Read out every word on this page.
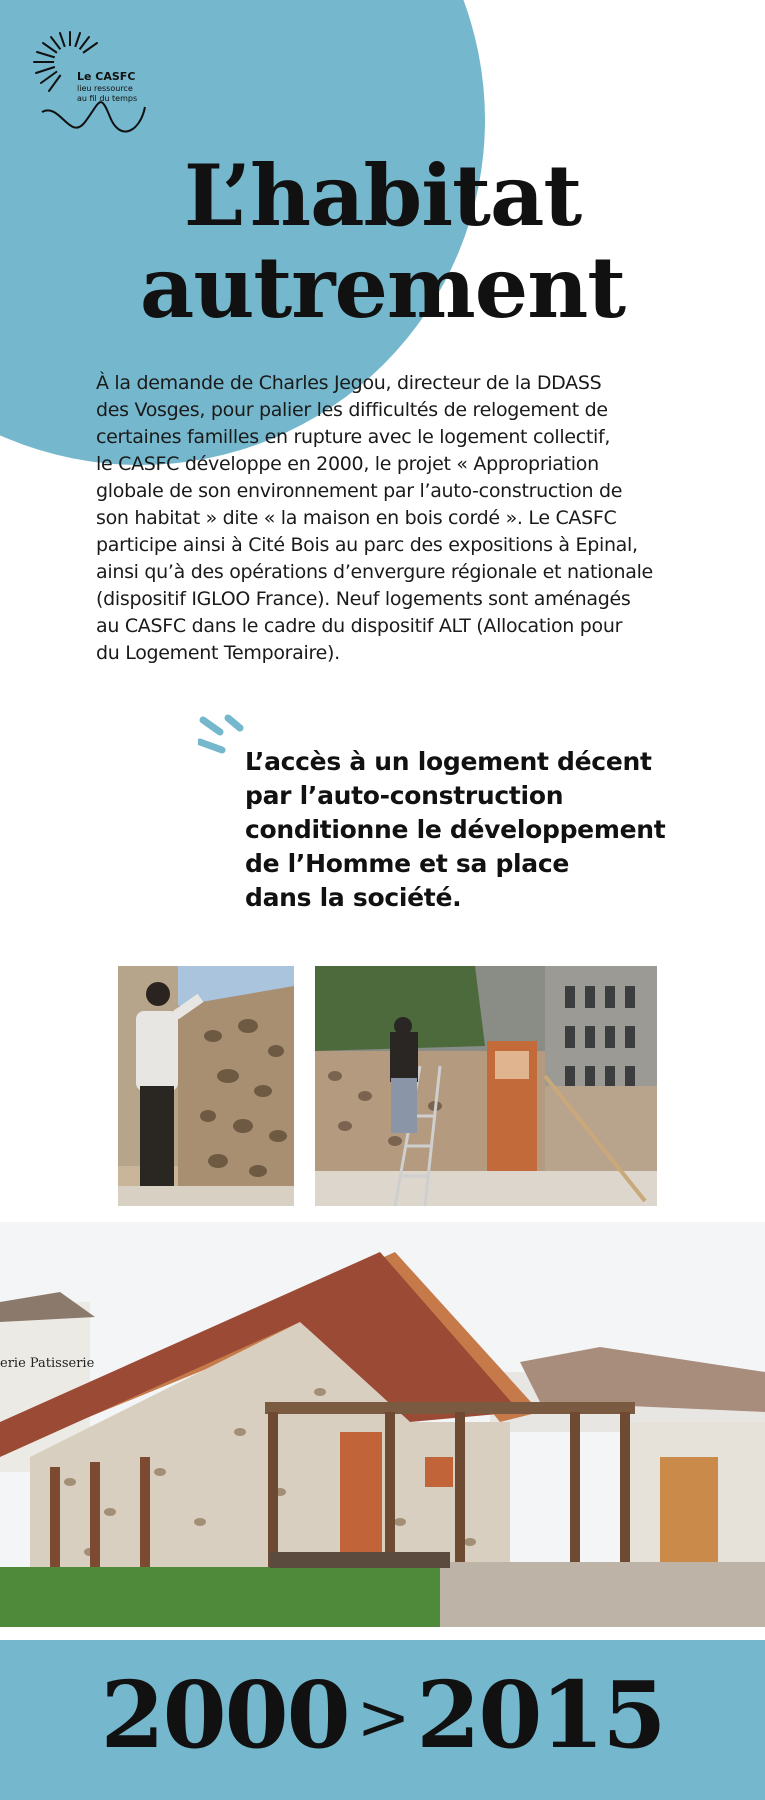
Le CASFC
lieu ressource
au fil du temps
L’habitat
autrement
À la demande de Charles Jegou, directeur de la DDASS
des Vosges, pour palier les difficultés de relogement de
certaines familles en rupture avec le logement collectif,
le CASFC développe en 2000, le projet « Appropriation
globale de son environnement par l’auto-construction de
son habitat » dite « la maison en bois cordé ». Le CASFC
participe ainsi à Cité Bois au parc des expositions à Epinal,
ainsi qu’à des opérations d’envergure régionale et nationale
(dispositif IGLOO France). Neuf logements sont aménagés
au CASFC dans le cadre du dispositif ALT (Allocation pour
du Logement Temporaire).
L’accès à un logement décent
par l’auto-construction
conditionne le développement
de l’Homme et sa place
dans la société.
erie Patisserie
2000 >2015
